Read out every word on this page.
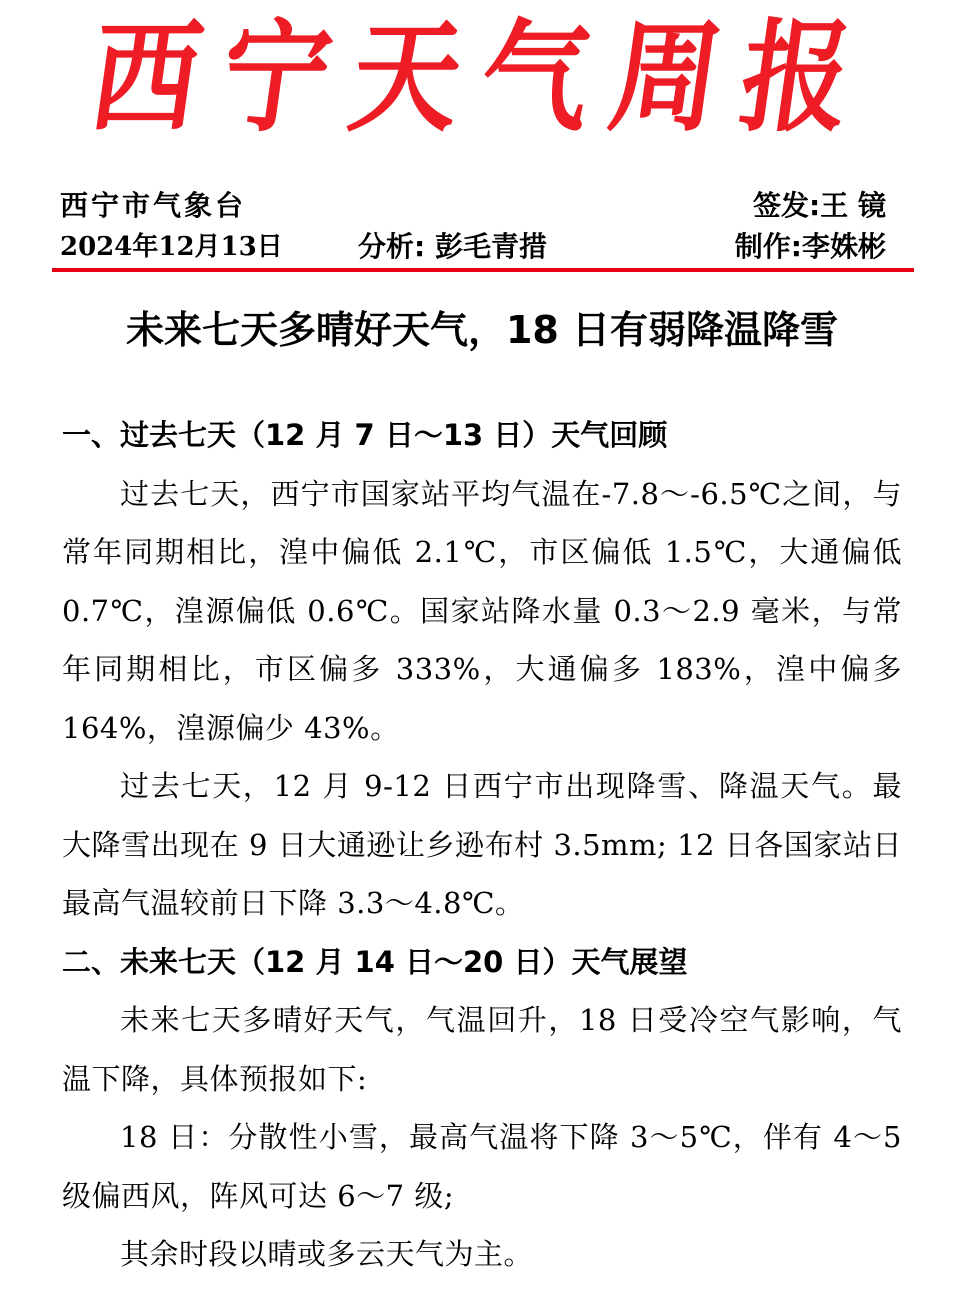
西宁天气周报
西宁市气象台	签发:王 镜
2024年12月13日	分析: 彭毛青措	制作:李姝彬
未来七天多晴好天气，18 日有弱降温降雪

一、过去七天（12 月 7 日～13 日）天气回顾

过去七天，西宁市国家站平均气温在-7.8～-6.5℃之间，与常年同期相比，湟中偏低 2.1℃，市区偏低 1.5℃，大通偏低 0.7℃，湟源偏低 0.6℃。国家站降水量 0.3～2.9 毫米，与常年同期相比，市区偏多 333%，大通偏多 183%，湟中偏多 164%，湟源偏少 43%。

过去七天，12 月 9-12 日西宁市出现降雪、降温天气。最大降雪出现在 9 日大通逊让乡逊布村 3.5mm; 12 日各国家站日最高气温较前日下降 3.3～4.8℃。

二、未来七天（12 月 14 日～20 日）天气展望

未来七天多晴好天气，气温回升，18 日受冷空气影响，气温下降，具体预报如下:

18 日：分散性小雪，最高气温将下降 3～5℃，伴有 4～5 级偏西风，阵风可达 6～7 级;

其余时段以晴或多云天气为主。
